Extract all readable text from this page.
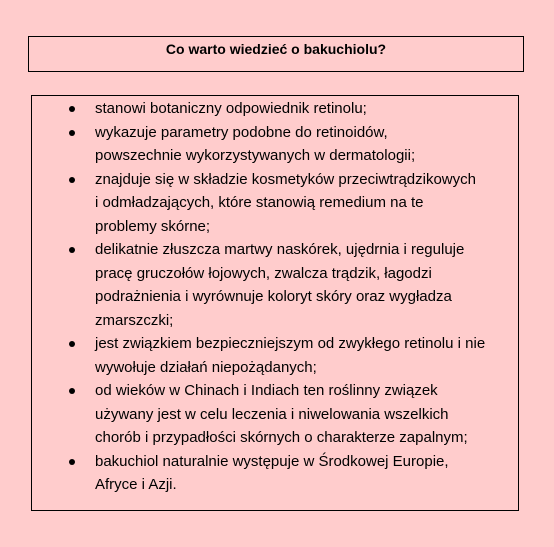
Co warto wiedzieć o bakuchiolu?
stanowi botaniczny odpowiednik retinolu;
wykazuje parametry podobne do retinoidów,
powszechnie wykorzystywanych w dermatologii;
znajduje się w składzie kosmetyków przeciwtrądzikowych
i odmładzających, które stanowią remedium na te
problemy skórne;
delikatnie złuszcza martwy naskórek, ujędrnia i reguluje
pracę gruczołów łojowych, zwalcza trądzik, łagodzi
podrażnienia i wyrównuje koloryt skóry oraz wygładza
zmarszczki;
jest związkiem bezpieczniejszym od zwykłego retinolu i nie
wywołuje działań niepożądanych;
od wieków w Chinach i Indiach ten roślinny związek
używany jest w celu leczenia i niwelowania wszelkich
chorób i przypadłości skórnych o charakterze zapalnym;
bakuchiol naturalnie występuje w Środkowej Europie,
Afryce i Azji.
